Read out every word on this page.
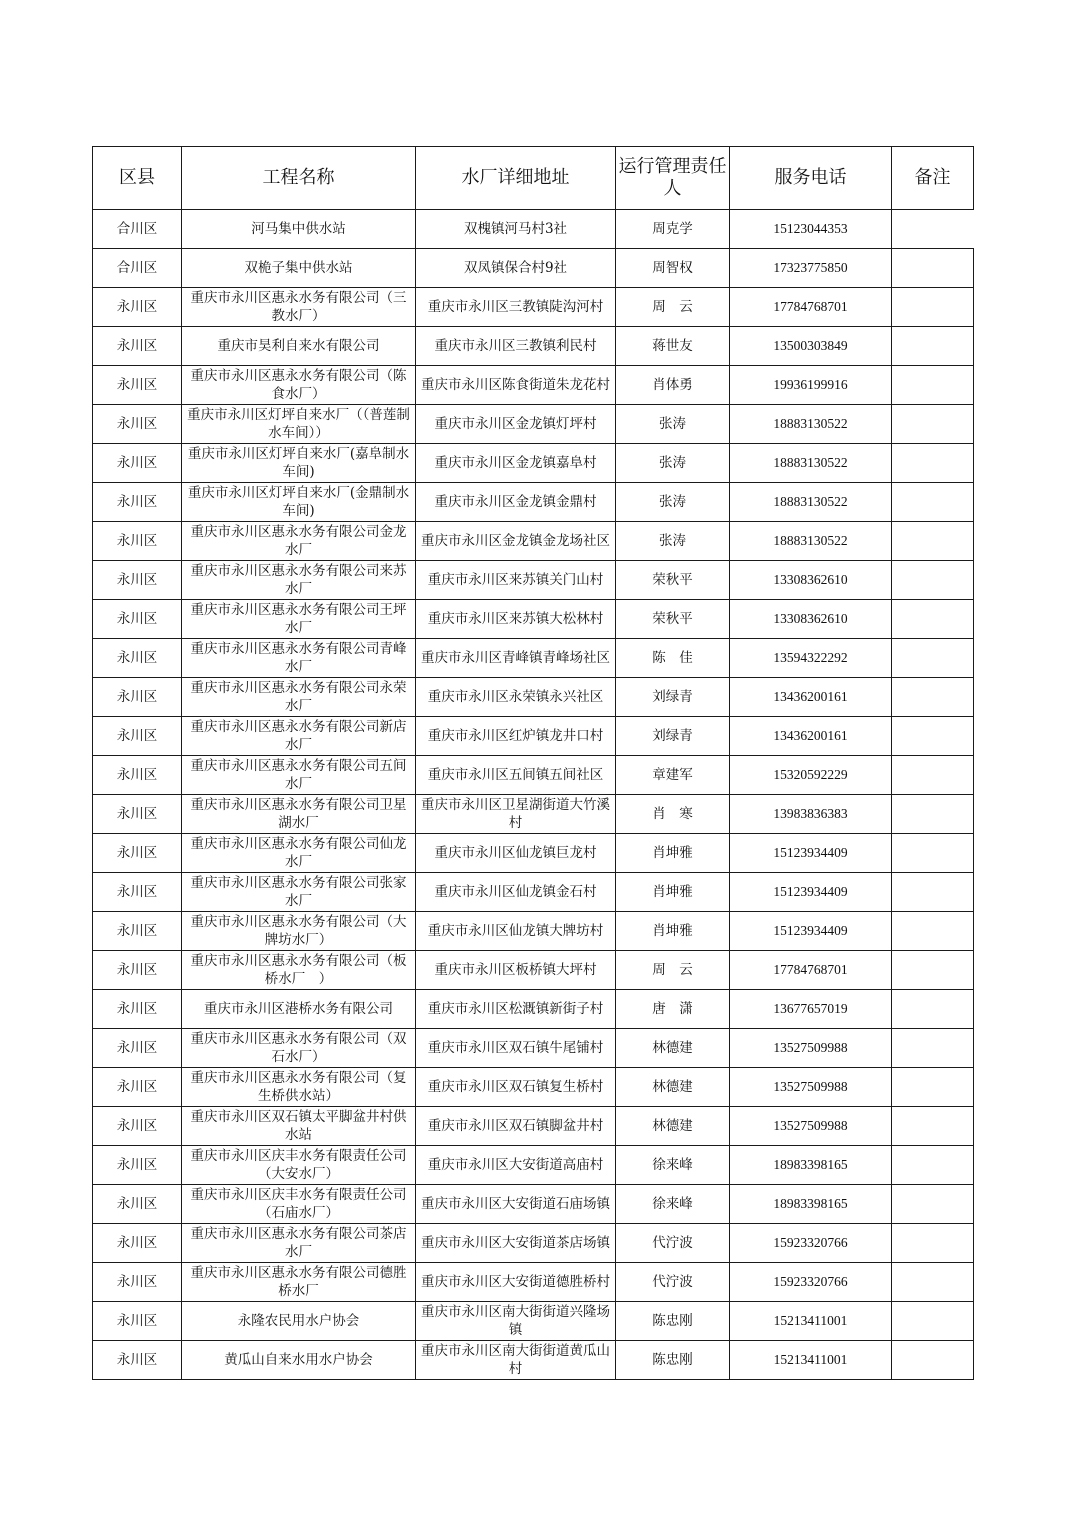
区县	工程名称	水厂详细地址	运行管理责任人	服务电话	备注
合川区	河马集中供水站	双槐镇河马村3社	周克学	15123044353	
合川区	双桅子集中供水站	双凤镇保合村9社	周智权	17323775850	
永川区	重庆市永川区惠永水务有限公司（三教水厂）	重庆市永川区三教镇陡沟河村	周　云	17784768701	
永川区	重庆市昊利自来水有限公司	重庆市永川区三教镇利民村	蒋世友	13500303849	
永川区	重庆市永川区惠永水务有限公司（陈食水厂）	重庆市永川区陈食街道朱龙花村	肖体勇	19936199916	
永川区	重庆市永川区灯坪自来水厂（（普莲制水车间））	重庆市永川区金龙镇灯坪村	张涛	18883130522	
永川区	重庆市永川区灯坪自来水厂(嘉阜制水车间)	重庆市永川区金龙镇嘉阜村	张涛	18883130522	
永川区	重庆市永川区灯坪自来水厂(金鼎制水车间)	重庆市永川区金龙镇金鼎村	张涛	18883130522	
永川区	重庆市永川区惠永水务有限公司金龙水厂	重庆市永川区金龙镇金龙场社区	张涛	18883130522	
永川区	重庆市永川区惠永水务有限公司来苏水厂	重庆市永川区来苏镇关门山村	荣秋平	13308362610	
永川区	重庆市永川区惠永水务有限公司王坪水厂	重庆市永川区来苏镇大松林村	荣秋平	13308362610	
永川区	重庆市永川区惠永水务有限公司青峰水厂	重庆市永川区青峰镇青峰场社区	陈　佳	13594322292	
永川区	重庆市永川区惠永水务有限公司永荣水厂	重庆市永川区永荣镇永兴社区	刘绿青	13436200161	
永川区	重庆市永川区惠永水务有限公司新店水厂	重庆市永川区红炉镇龙井口村	刘绿青	13436200161	
永川区	重庆市永川区惠永水务有限公司五间水厂	重庆市永川区五间镇五间社区	章建军	15320592229	
永川区	重庆市永川区惠永水务有限公司卫星湖水厂	重庆市永川区卫星湖街道大竹溪村	肖　寒	13983836383	
永川区	重庆市永川区惠永水务有限公司仙龙水厂	重庆市永川区仙龙镇巨龙村	肖坤雅	15123934409	
永川区	重庆市永川区惠永水务有限公司张家水厂	重庆市永川区仙龙镇金石村	肖坤雅	15123934409	
永川区	重庆市永川区惠永水务有限公司（大牌坊水厂）	重庆市永川区仙龙镇大牌坊村	肖坤雅	15123934409	
永川区	重庆市永川区惠永水务有限公司（板桥水厂　）	重庆市永川区板桥镇大坪村	周　云	17784768701	
永川区	重庆市永川区港桥水务有限公司	重庆市永川区松溉镇新街子村	唐　潇	13677657019	
永川区	重庆市永川区惠永水务有限公司（双石水厂）	重庆市永川区双石镇牛尾铺村	林德建	13527509988	
永川区	重庆市永川区惠永水务有限公司（复生桥供水站）	重庆市永川区双石镇复生桥村	林德建	13527509988	
永川区	重庆市永川区双石镇太平脚盆井村供水站	重庆市永川区双石镇脚盆井村	林德建	13527509988	
永川区	重庆市永川区庆丰水务有限责任公司（大安水厂）	重庆市永川区大安街道高庙村	徐来峰	18983398165	
永川区	重庆市永川区庆丰水务有限责任公司（石庙水厂）	重庆市永川区大安街道石庙场镇	徐来峰	18983398165	
永川区	重庆市永川区惠永水务有限公司茶店水厂	重庆市永川区大安街道茶店场镇	代泞波	15923320766	
永川区	重庆市永川区惠永水务有限公司德胜桥水厂	重庆市永川区大安街道德胜桥村	代泞波	15923320766	
永川区	永隆农民用水户协会	重庆市永川区南大街街道兴隆场镇	陈忠刚	15213411001	
永川区	黄瓜山自来水用水户协会	重庆市永川区南大街街道黄瓜山村	陈忠刚	15213411001	
